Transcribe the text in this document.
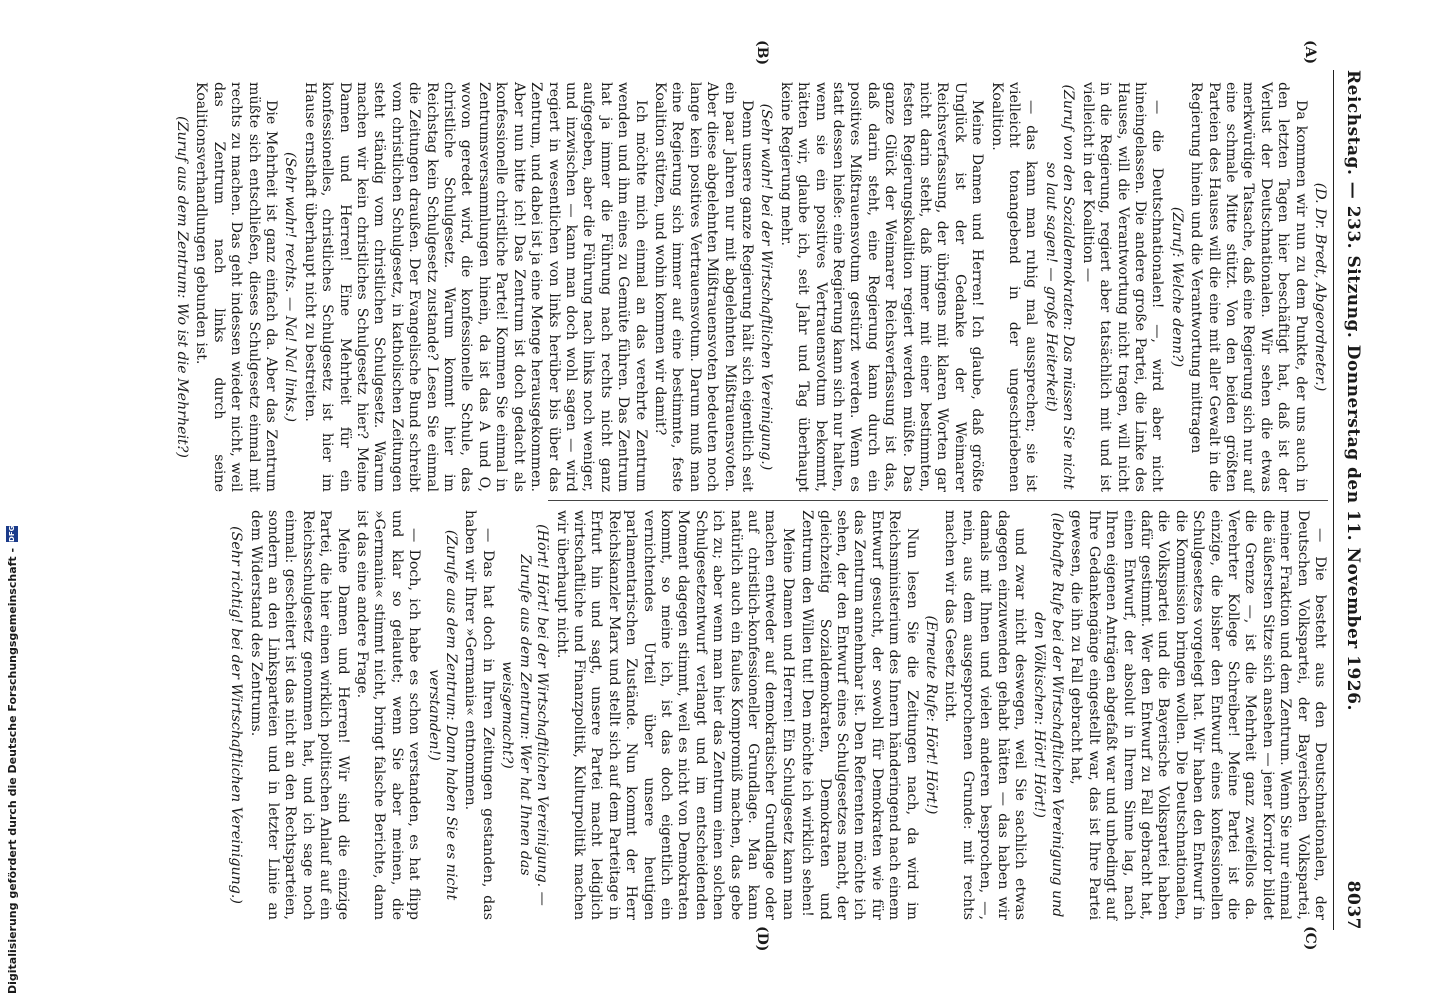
Reichstag. — 233. Sitzung. Donnerstag den 11. November 1926.
8037

(D. Dr. Bredt, Abgeordneter.)

Da kommen wir nun zu dem Punkte, der uns auch in den letzten Tagen hier beschäftigt hat, daß ist der Verlust der Deutschnationalen. Wir sehen die etwas merkwürdige Tatsache, daß eine Regierung sich nur auf eine schmale Mitte stützt. Von den beiden größten Parteien des Hauses will die eine mit aller Gewalt in die Regierung hinein und die Verantwortung mittragen

(Zuruf: Welche denn?)

— die Deutschnationalen! —, wird aber nicht hineingelassen. Die andere große Partei, die Linke des Hauses, will die Verantwortung nicht tragen, will nicht in die Regierung, regiert aber tatsächlich mit und ist vielleicht in der Koalition —

(Zuruf von den Sozialdemokraten: Das müssen Sie nicht so laut sagen! — große Heiterkeit)

— das kann man ruhig mal aussprechen; sie ist vielleicht tonangebend in der ungeschriebenen Koalition.

Meine Damen und Herren! Ich glaube, daß größte Unglück ist der Gedanke der Weimarer Reichsverfassung, der übrigens mit klaren Worten gar nicht darin steht, daß immer mit einer bestimmten, festen Regierungskoalition regiert werden müßte. Das ganze Glück der Weimarer Reichsverfassung ist das, daß darin steht, eine Regierung kann durch ein positives Mißtrauensvotum gestürzt werden. Wenn es statt dessen hieße: eine Regierung kann sich nur halten, wenn sie ein positives Vertrauensvotum bekommt, hätten wir, glaube ich, seit Jahr und Tag überhaupt keine Regierung mehr.

(Sehr wahr! bei der Wirtschaftlichen Vereinigung.)

Denn unsere ganze Regierung hält sich eigentlich seit ein paar Jahren nur mit abgelehnten Mißtrauensvoten. Aber diese abgelehnten Mißtrauensvoten bedeuten noch lange kein positives Vertrauensvotum. Darum muß man eine Regierung sich immer auf eine bestimmte, feste Koalition stützen, und wohin kommen wir damit?

Ich möchte mich einmal an das verehrte Zentrum wenden und ihm eines zu Gemüte führen. Das Zentrum hat ja immer die Führung nach rechts nicht ganz aufgegeben, aber die Führung nach links noch weniger, und inzwischen — kann man doch wohl sagen — wird regiert in wesentlichen von links herüber bis über das Zentrum, und dabei ist ja eine Menge herausgekommen. Aber nun bitte ich! Das Zentrum ist doch gedacht als konfessionelle christliche Partei! Kommen Sie einmal in Zentrumsversammlungen hinein, da ist das A und O, wovon geredet wird, die konfessionelle Schule, das christliche Schulgesetz. Warum kommt hier im Reichstag kein Schulgesetz zustande? Lesen Sie einmal die Zeitungen draußen. Der Evangelische Bund schreibt vom christlichen Schulgesetz, in katholischen Zeitungen steht ständig vom christlichen Schulgesetz. Warum machen wir kein christliches Schulgesetz hier? Meine Damen und Herren! Eine Mehrheit für ein konfessionelles, christliches Schulgesetz ist hier im Hause ernsthaft überhaupt nicht zu bestreiten.

(Sehr wahr! rechts. — Na! Na! links.)

Die Mehrheit ist ganz einfach da. Aber das Zentrum müßte sich entschließen, dieses Schulgesetz einmal mit rechts zu machen. Das geht indessen wieder nicht, weil das Zentrum nach links durch seine Koalitionsverhandlungen gebunden ist.

(Zuruf aus dem Zentrum: Wo ist die Mehrheit?)

— Die besteht aus den Deutschnationalen, der Deutschen Volkspartei, der Bayerischen Volkspartei, meiner Fraktion und dem Zentrum. Wenn Sie nur einmal die äußersten Sitze sich ansehen — jener Korridor bildet die Grenze —, ist die Mehrheit ganz zweifellos da. Verehrter Kollege Schreiber! Meine Partei ist die einzige, die bisher den Entwurf eines konfessionellen Schulgesetzes vorgelegt hat. Wir haben den Entwurf in die Kommission bringen wollen. Die Deutschnationalen, die Volkspartei und die Bayerische Volkspartei haben dafür gestimmt. Wer den Entwurf zu Fall gebracht hat, einen Entwurf, der absolut in Ihrem Sinne lag, nach Ihren eigenen Anträgen abgefaßt war und unbedingt auf Ihre Gedankengänge eingestellt war, das ist Ihre Partei gewesen, die ihn zu Fall gebracht hat,

(lebhafte Rufe bei der Wirtschaftlichen Vereinigung und den Völkischen: Hört! Hört!)

und zwar nicht deswegen, weil Sie sachlich etwas dagegen einzuwenden gehabt hätten — das haben wir damals mit Ihnen und vielen anderen besprochen, —, nein, aus dem ausgesprochenen Grunde: mit rechts machen wir das Gesetz nicht.

(Erneute Rufe: Hört! Hört!)

Nun lesen Sie die Zeitungen nach, da wird im Reichsministerium des Innern händeringend nach einem Entwurf gesucht, der sowohl für Demokraten wie für das Zentrum annehmbar ist. Den Referenten möchte ich sehen, der den Entwurf eines Schulgesetzes macht, der gleichzeitig Sozialdemokraten, Demokraten und Zentrum den Willen tut! Den möchte ich wirklich sehen!

Meine Damen und Herren! Ein Schulgesetz kann man machen entweder auf demokratischer Grundlage oder auf christlich-konfessioneller Grundlage. Man kann natürlich auch ein faules Kompromiß machen, das gebe ich zu; aber wenn man hier das Zentrum einen solchen Schulgesetzentwurf verlangt und im entscheidenden Moment dagegen stimmt, weil es nicht von Demokraten kommt, so meine ich, ist das doch eigentlich ein vernichtendes Urteil über unsere heutigen parlamentarischen Zustände. Nun kommt der Herr Reichskanzler Marx und stellt sich auf dem Parteitage in Erfurt hin und sagt, unsere Partei macht lediglich wirtschaftliche und Finanzpolitik, Kulturpolitik machen wir überhaupt nicht.

(Hört! Hört! bei der Wirtschaftlichen Vereinigung. — Zurufe aus dem Zentrum: Wer hat Ihnen das weisgemacht?)

— Das hat doch in Ihren Zeitungen gestanden, das haben wir Ihrer »Germania« entnommen.

(Zurufe aus dem Zentrum: Dann haben Sie es nicht verstanden!)

— Doch, ich habe es schon verstanden, es hat flipp und klar so gelautet; wenn Sie aber meinen, die »Germania« stimmt nicht, bringt falsche Berichte, dann ist das eine andere Frage.

Meine Damen und Herren! Wir sind die einzige Partei, die hier einen wirklich politischen Anlauf auf ein Reichsschulgesetz genommen hat, und ich sage noch einmal: gescheitert ist das nicht an den Rechtsparteien, sondern an den Linksparteien und in letzter Linie an dem Widerstand des Zentrums.

(Sehr richtig! bei der Wirtschaftlichen Vereinigung.)

(A)
(B)
(C)
(D)
Digitalisierung gefördert durch die Deutsche Forschungsgemeinschaft -
DFG
